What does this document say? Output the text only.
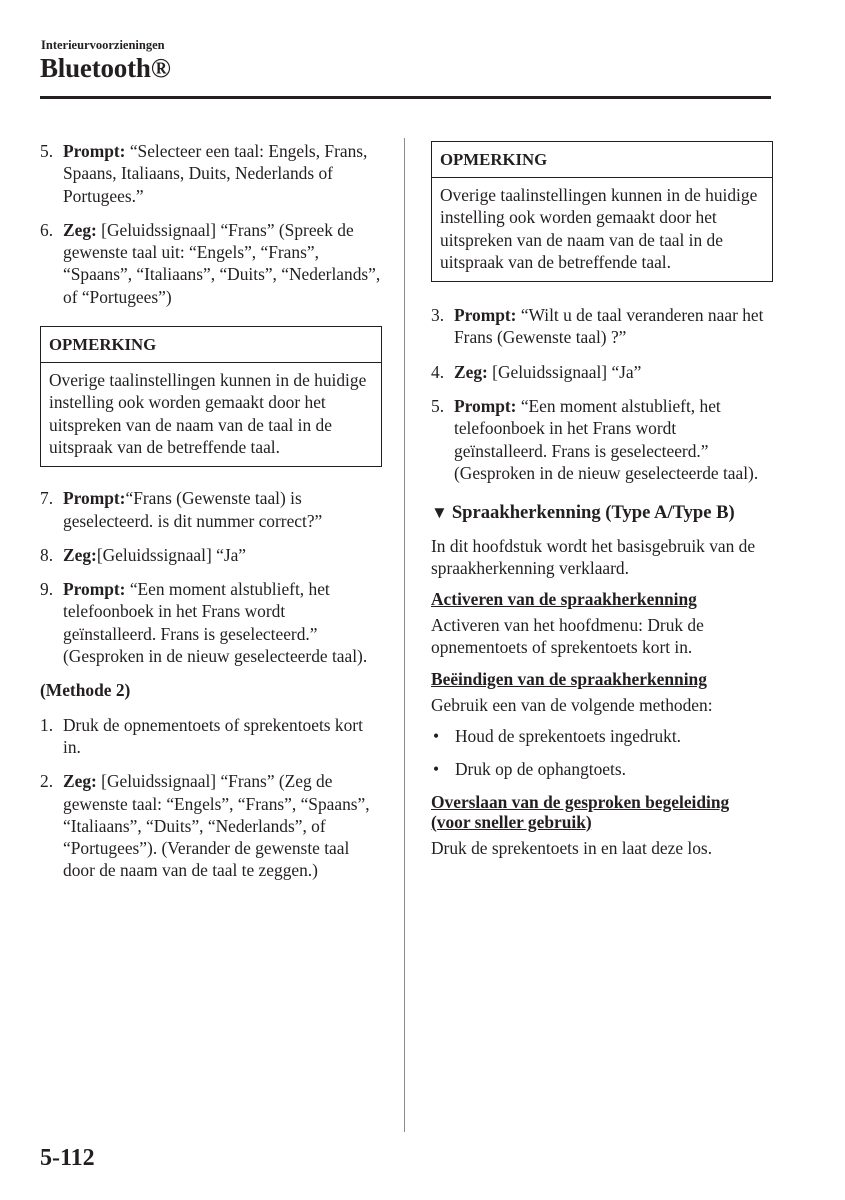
Interieurvoorzieningen
Bluetooth®
5. Prompt: “Selecteer een taal: Engels, Frans, Spaans, Italiaans, Duits, Nederlands of Portugees.”
6. Zeg: [Geluidssignaal] “Frans” (Spreek de gewenste taal uit: “Engels”, “Frans”, “Spaans”, “Italiaans”, “Duits”, “Nederlands”, of “Portugees”)
OPMERKING
Overige taalinstellingen kunnen in de huidige instelling ook worden gemaakt door het uitspreken van de naam van de taal in de uitspraak van de betreffende taal.
7. Prompt:“Frans (Gewenste taal) is geselecteerd. is dit nummer correct?”
8. Zeg:[Geluidssignaal] “Ja”
9. Prompt: “Een moment alstublieft, het telefoonboek in het Frans wordt geïnstalleerd. Frans is geselecteerd.” (Gesproken in de nieuw geselecteerde taal).
(Methode 2)
1. Druk de opnementoets of sprekentoets kort in.
2. Zeg: [Geluidssignaal] “Frans” (Zeg de gewenste taal: “Engels”, “Frans”, “Spaans”, “Italiaans”, “Duits”, “Nederlands”, of “Portugees”). (Verander de gewenste taal door de naam van de taal te zeggen.)
OPMERKING
Overige taalinstellingen kunnen in de huidige instelling ook worden gemaakt door het uitspreken van de naam van de taal in de uitspraak van de betreffende taal.
3. Prompt: “Wilt u de taal veranderen naar het Frans (Gewenste taal) ?”
4. Zeg: [Geluidssignaal] “Ja”
5. Prompt: “Een moment alstublieft, het telefoonboek in het Frans wordt geïnstalleerd. Frans is geselecteerd.” (Gesproken in de nieuw geselecteerde taal).
▼ Spraakherkenning (Type A/Type B)
In dit hoofdstuk wordt het basisgebruik van de spraakherkenning verklaard.
Activeren van de spraakherkenning
Activeren van het hoofdmenu: Druk de opnementoets of sprekentoets kort in.
Beëindigen van de spraakherkenning
Gebruik een van de volgende methoden:
• Houd de sprekentoets ingedrukt.
• Druk op de ophangtoets.
Overslaan van de gesproken begeleiding (voor sneller gebruik)
Druk de sprekentoets in en laat deze los.
5-112
